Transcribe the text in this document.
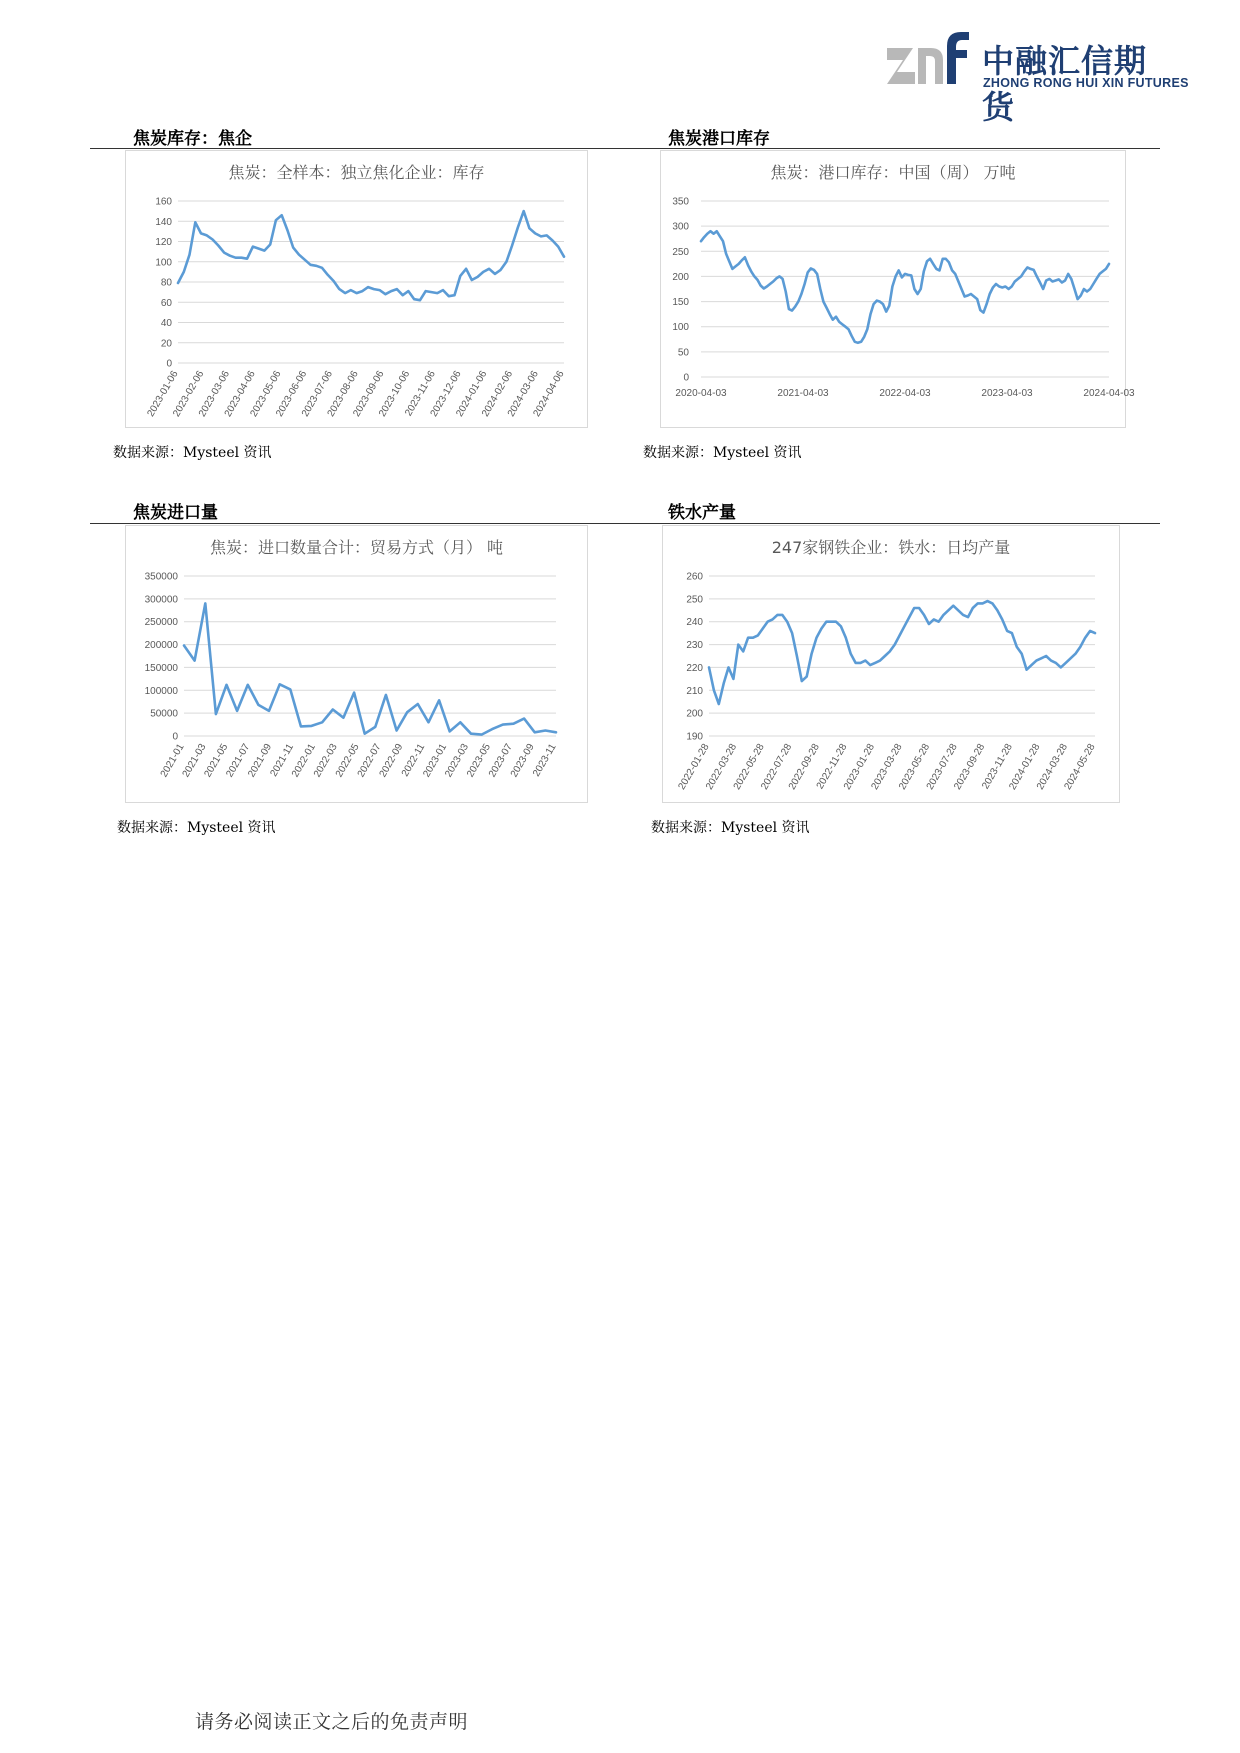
中融汇信期货
ZHONG RONG HUI XIN FUTURES
焦炭库存：焦企
焦炭：全样本：独立焦化企业：库存
0
20
40
60
80
100
120
140
160
2023-01-06
2023-02-06
2023-03-06
2023-04-06
2023-05-06
2023-06-06
2023-07-06
2023-08-06
2023-09-06
2023-10-06
2023-11-06
2023-12-06
2024-01-06
2024-02-06
2024-03-06
2024-04-06
数据来源：Mysteel 资讯
焦炭港口库存
焦炭：港口库存：中国（周） 万吨
0
50
100
150
200
250
300
350
2020-04-03	2021-04-03	2022-04-03	2023-04-03	2024-04-03
数据来源：Mysteel 资讯
焦炭进口量
焦炭：进口数量合计：贸易方式（月） 吨
0
50000
100000
150000
200000
250000
300000
350000
2021-01
2021-03
2021-05
2021-07
2021-09
2021-11
2022-01
2022-03
2022-05
2022-07
2022-09
2022-11
2023-01
2023-03
2023-05
2023-07
2023-09
2023-11
数据来源：Mysteel 资讯
铁水产量
247家钢铁企业：铁水：日均产量
190
200
210
220
230
240
250
260
2022-01-28
2022-03-28
2022-05-28
2022-07-28
2022-09-28
2022-11-28
2023-01-28
2023-03-28
2023-05-28
2023-07-28
2023-09-28
2023-11-28
2024-01-28
2024-03-28
2024-05-28
数据来源：Mysteel 资讯
请务必阅读正文之后的免责声明
